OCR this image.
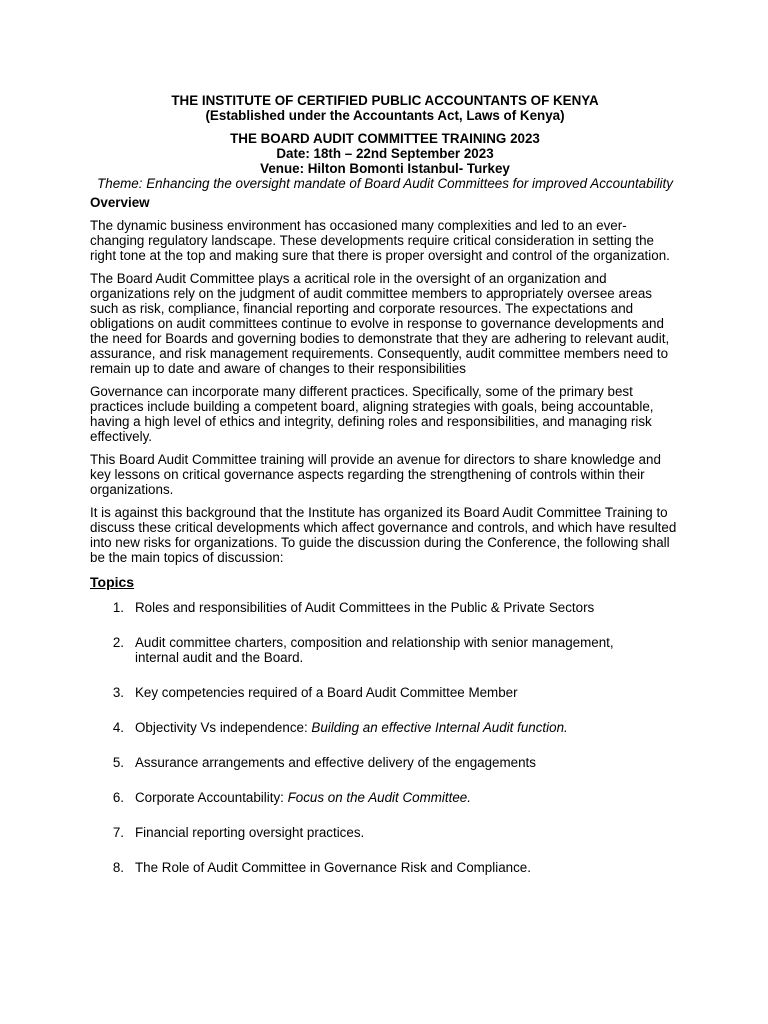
THE INSTITUTE OF CERTIFIED PUBLIC ACCOUNTANTS OF KENYA
(Established under the Accountants Act, Laws of Kenya)
THE BOARD AUDIT COMMITTEE TRAINING 2023
Date: 18th – 22nd September 2023
Venue: Hilton Bomonti Istanbul- Turkey
Theme: Enhancing the oversight mandate of Board Audit Committees for improved Accountability
Overview

The dynamic business environment has occasioned many complexities and led to an ever-changing regulatory landscape. These developments require critical consideration in setting the right tone at the top and making sure that there is proper oversight and control of the organization.

The Board Audit Committee plays a acritical role in the oversight of an organization and organizations rely on the judgment of audit committee members to appropriately oversee areas such as risk, compliance, financial reporting and corporate resources. The expectations and obligations on audit committees continue to evolve in response to governance developments and the need for Boards and governing bodies to demonstrate that they are adhering to relevant audit, assurance, and risk management requirements. Consequently, audit committee members need to remain up to date and aware of changes to their responsibilities

Governance can incorporate many different practices. Specifically, some of the primary best practices include building a competent board, aligning strategies with goals, being accountable, having a high level of ethics and integrity, defining roles and responsibilities, and managing risk effectively.

This Board Audit Committee training will provide an avenue for directors to share knowledge and key lessons on critical governance aspects regarding the strengthening of controls within their organizations.

It is against this background that the Institute has organized its Board Audit Committee Training to discuss these critical developments which affect governance and controls, and which have resulted into new risks for organizations. To guide the discussion during the Conference, the following shall be the main topics of discussion:

Topics
1. Roles and responsibilities of Audit Committees in the Public & Private Sectors
2. Audit committee charters, composition and relationship with senior management, internal audit and the Board.
3. Key competencies required of a Board Audit Committee Member
4. Objectivity Vs independence: Building an effective Internal Audit function.
5. Assurance arrangements and effective delivery of the engagements
6. Corporate Accountability: Focus on the Audit Committee.
7. Financial reporting oversight practices.
8. The Role of Audit Committee in Governance Risk and Compliance.
